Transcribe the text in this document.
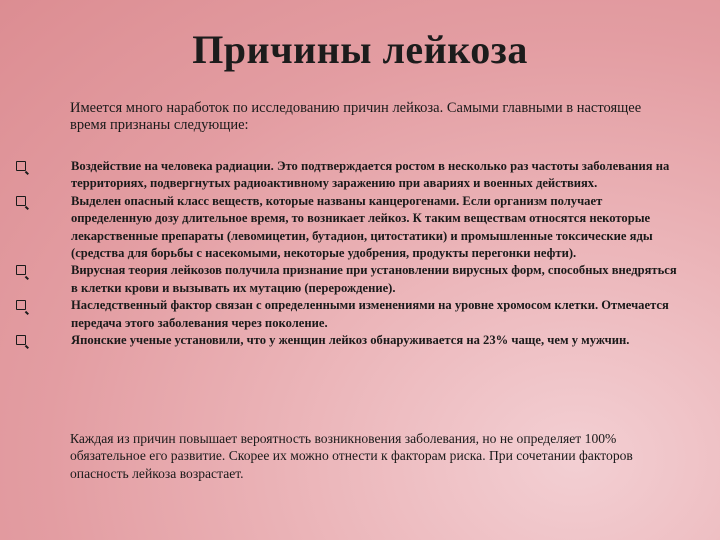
Причины лейкоза
Имеется много наработок по исследованию причин лейкоза. Самыми главными в настоящее время признаны следующие:
Воздействие на человека радиации. Это подтверждается ростом в несколько раз частоты заболевания на территориях, подвергнутых радиоактивному заражению при авариях и военных действиях.
Выделен опасный класс веществ, которые названы канцерогенами. Если организм получает определенную дозу длительное время, то возникает лейкоз. К таким веществам относятся некоторые лекарственные препараты (левомицетин, бутадион, цитостатики) и промышленные токсические яды (средства для борьбы с насекомыми, некоторые удобрения, продукты перегонки нефти).
Вирусная теория лейкозов получила признание при установлении вирусных форм, способных внедряться в клетки крови и вызывать их мутацию (перерождение).
Наследственный фактор связан с определенными изменениями на уровне хромосом клетки. Отмечается передача этого заболевания через поколение.
Японские ученые установили, что у женщин лейкоз обнаруживается на 23% чаще, чем у мужчин.
Каждая из причин повышает вероятность возникновения заболевания, но не определяет 100% обязательное его развитие. Скорее их можно отнести к факторам риска. При сочетании факторов опасность лейкоза возрастает.
